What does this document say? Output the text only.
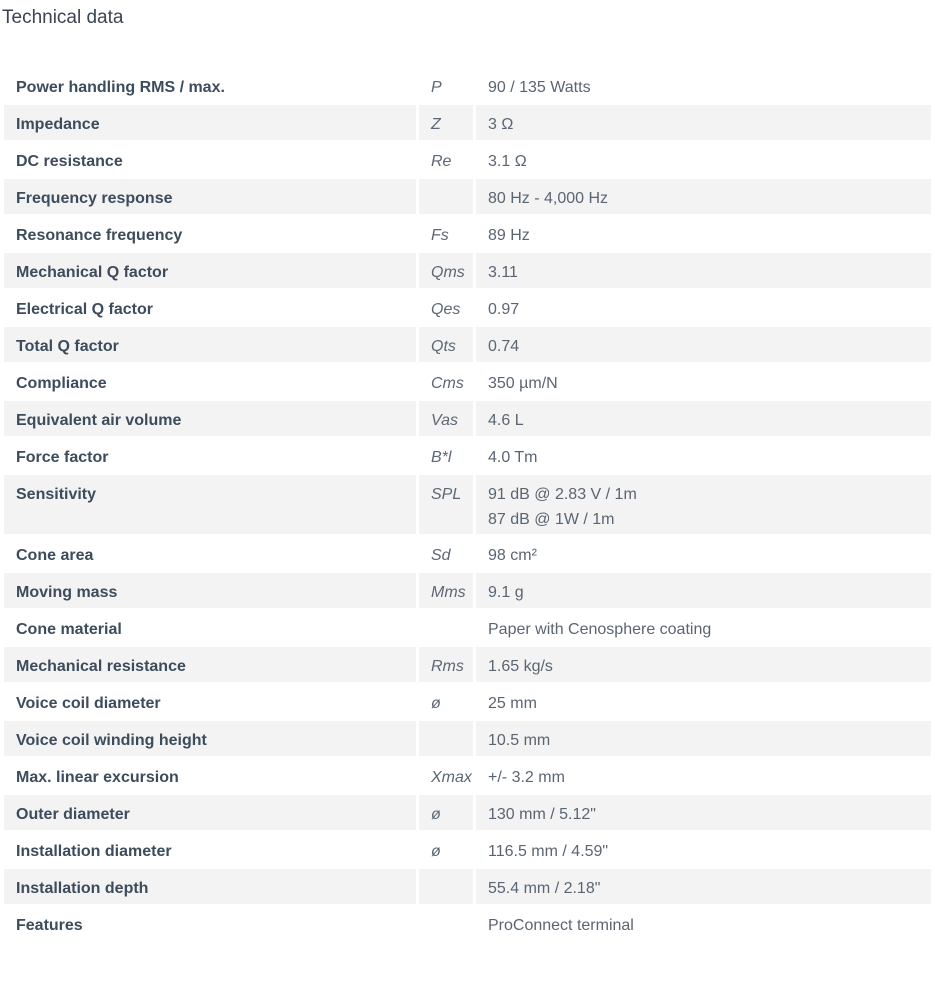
Technical data
Power handling RMS / max.	P	90 / 135 Watts

Impedance	Z	3 Ω

DC resistance	Re	3.1 Ω

Frequency response		80 Hz - 4,000 Hz

Resonance frequency	Fs	89 Hz

Mechanical Q factor	Qms	3.11

Electrical Q factor	Qes	0.97

Total Q factor	Qts	0.74

Compliance	Cms	350 µm/N

Equivalent air volume	Vas	4.6 L

Force factor	B*l	4.0 Tm

Sensitivity	SPL	91 dB @ 2.83 V / 1m
87 dB @ 1W / 1m

Cone area	Sd	98 cm²

Moving mass	Mms	9.1 g

Cone material		Paper with Cenosphere coating

Mechanical resistance	Rms	1.65 kg/s

Voice coil diameter	ø	25 mm

Voice coil winding height		10.5 mm

Max. linear excursion	Xmax	+/- 3.2 mm

Outer diameter	ø	130 mm / 5.12"

Installation diameter	ø	116.5 mm / 4.59"

Installation depth		55.4 mm / 2.18"

Features		ProConnect terminal
